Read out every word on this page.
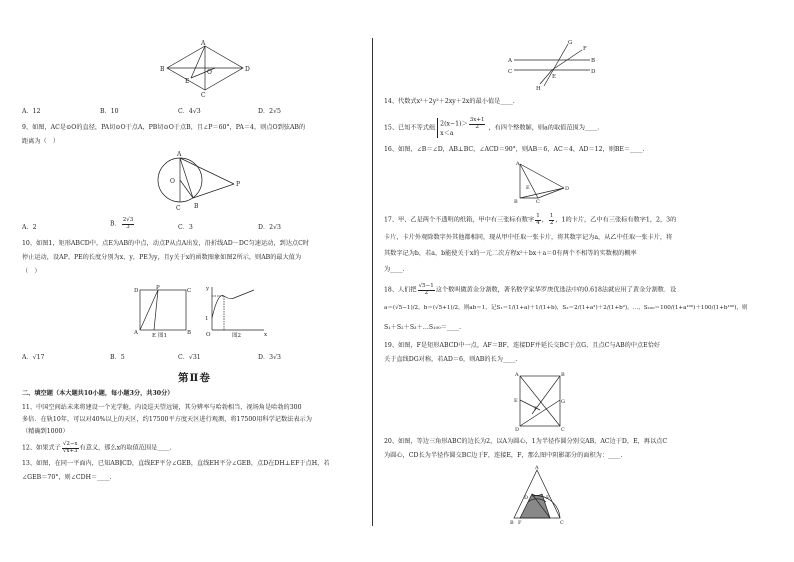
A
B	D
C
E
O
A．12	B．10	C．4√3	D．2√5
9、如图，AC是⊙O的直径，PA切⊙O于点A，PB切⊙O于点B，且∠P＝60°，PA＝4，则点O到弦AB的
距离为（　）
A
O	P
C B
A．2	B． $\frac{2√3}{3}$	C．3	D．2√3
10、如图1，矩形ABCD中，点E为AB的中点，动点P从点A出发，沿折线AD－DC匀速运动，到达点C时
停止运动，设AP、PE的长度分别为x、y，PE为y，且y关于x的函数图象如图2所示，则AB的最大值为
（　）
D	P	C
A	E	B
图1
y
x
O
1
图2
A．√17	B．5	C．√31	D．3√3
第Ⅱ卷
二、填空题（本大题共10小题，每小题3分，共30分）
11、中国空间站未来将建设一个光学舱，内设巡天望远镜，其分辨率与哈勃相当，视场角是哈勃的300
多倍．在轨10年，可以对40%以上的天区，约17500平方度天区进行观测，将17500用科学记数法表示为
（精确到1000）
12、如果式子 $\frac{√2-x}{√x+3}$ 有意义，那么x的取值范围是____.
13、如图，在同一平面内，已知AB∥CD，直线EF平分∠GEB，直线EH平分∠GEB，点D在DH⊥EF于点H，若
∠GEB＝70°，则∠CDH＝____.
A
C
B
D
G
F
E
H
14、代数式x²＋2y²＋2xy＋2x的最小值是____.
15、已知不等式组
$2(x-1)> \frac{3x+1}{2}$
x＜a
，有四个整数解，则a的取值范围为____.
16、如图，∠B＝∠D，AB⊥BC，∠ACD＝90°，则AB＝6，AC＝4，AD＝12，则BE＝____.
A
B	C
D
E
17、甲、乙是两个不透明的纸箱，甲中有三张标有数字 $\frac{1}{4}$ ， $\frac{1}{2}$ ，1的卡片，乙中有三张标有数字1，2，3的
卡片，卡片外观除数字外其他都相同，现从甲中任取一张卡片，将其数字记为a，从乙中任取一张卡片，将
其数字记为b，若a，b能使关于x的一元二次方程x²＋bx＋a＝0有两个不相等的实数根的概率
为____.
18、人们把 $\frac{√5-1}{2}$ 这个数叫做黄金分割数，著名数学家华罗庚优选法中的0.618法就应用了黄金分割数．设
a＝(√5−1)/2，b＝(√5+1)/2，则ab＝1，记S₁＝1/(1+a)＋1/(1+b)，S₂＝2/(1+a²)＋2/(1+b²)，…，S₁₀₀＝100/(1+a¹⁰⁰)＋100/(1+b¹⁰⁰)，则
S₁＋S₂＋S₃＋…S₁₀₀＝____.
19、如图，F是矩形ABCD中一点，AF＝BF，连接DF并延长交BC于点G，且点C与AB的中点E恰好
关于直线DG对称，若AD＝6，则AB的长为____.
A	B
D	C
E	G
F
20、如图，等边三角形ABC的边长为2，以A为圆心，1为半径作圆分别交AB，AC边于D，E，再以点C
为圆心，CD长为半径作圆交BC边于F，连接E，F，那么图中阴影部分的面积为：____.
A
D	E
B F	C
